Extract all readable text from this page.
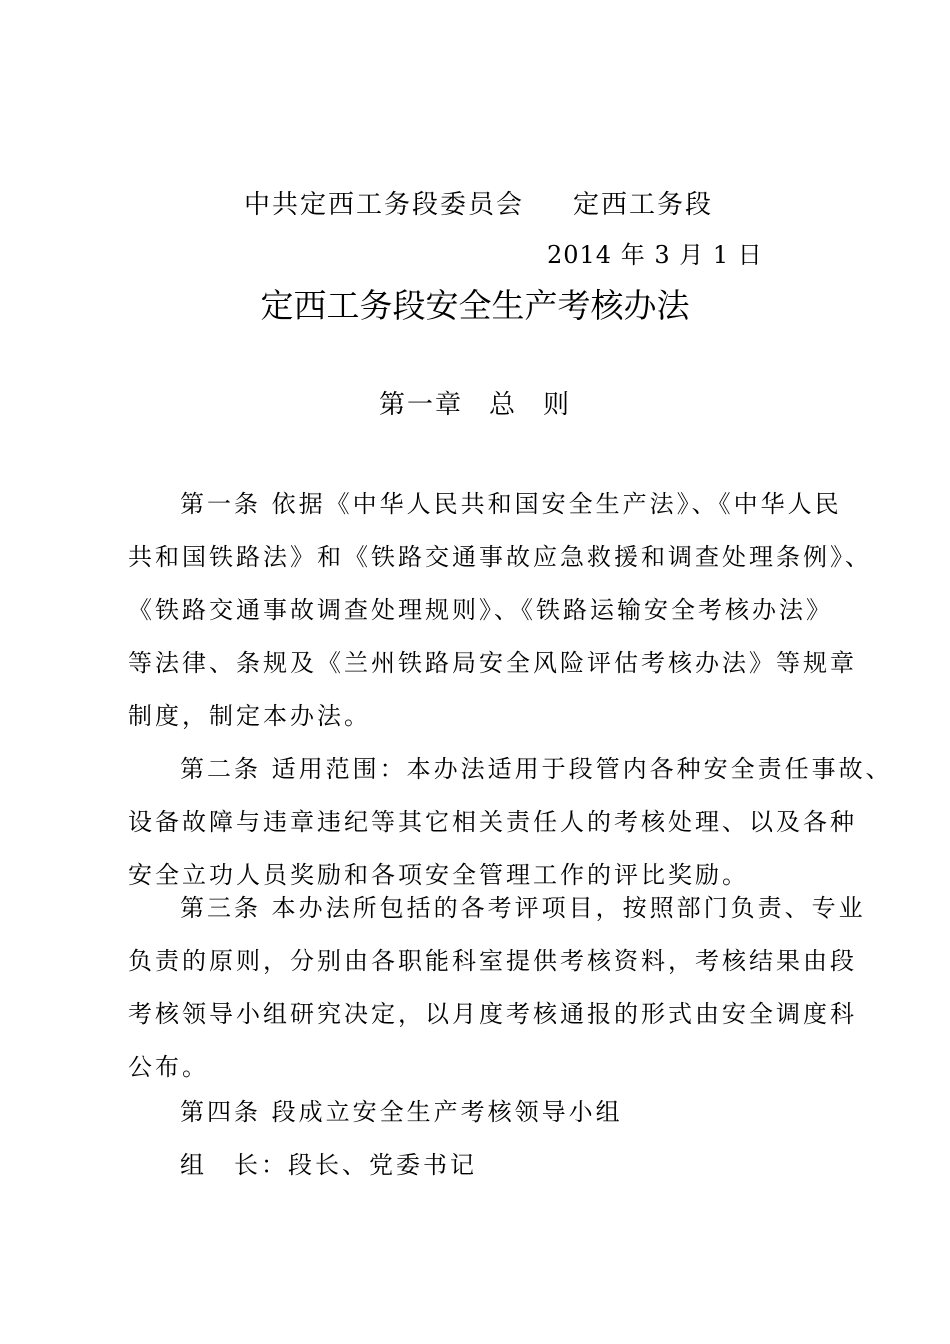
中共定西工务段委员会 定西工务段
2014 年 3 月 1 日
定西工务段安全生产考核办法
第一章 总 则

第一条 依据《中华人民共和国安全生产法》、《中华人民

共和国铁路法》和《铁路交通事故应急救援和调查处理条例》、

《铁路交通事故调查处理规则》、《铁路运输安全考核办法》

等法律、条规及《兰州铁路局安全风险评估考核办法》等规章

制度，制定本办法。

第二条 适用范围：本办法适用于段管内各种安全责任事故、

设备故障与违章违纪等其它相关责任人的考核处理、以及各种

安全立功人员奖励和各项安全管理工作的评比奖励。

第三条 本办法所包括的各考评项目，按照部门负责、专业

负责的原则，分别由各职能科室提供考核资料，考核结果由段

考核领导小组研究决定，以月度考核通报的形式由安全调度科

公布。

第四条 段成立安全生产考核领导小组

组　长：段长、党委书记
